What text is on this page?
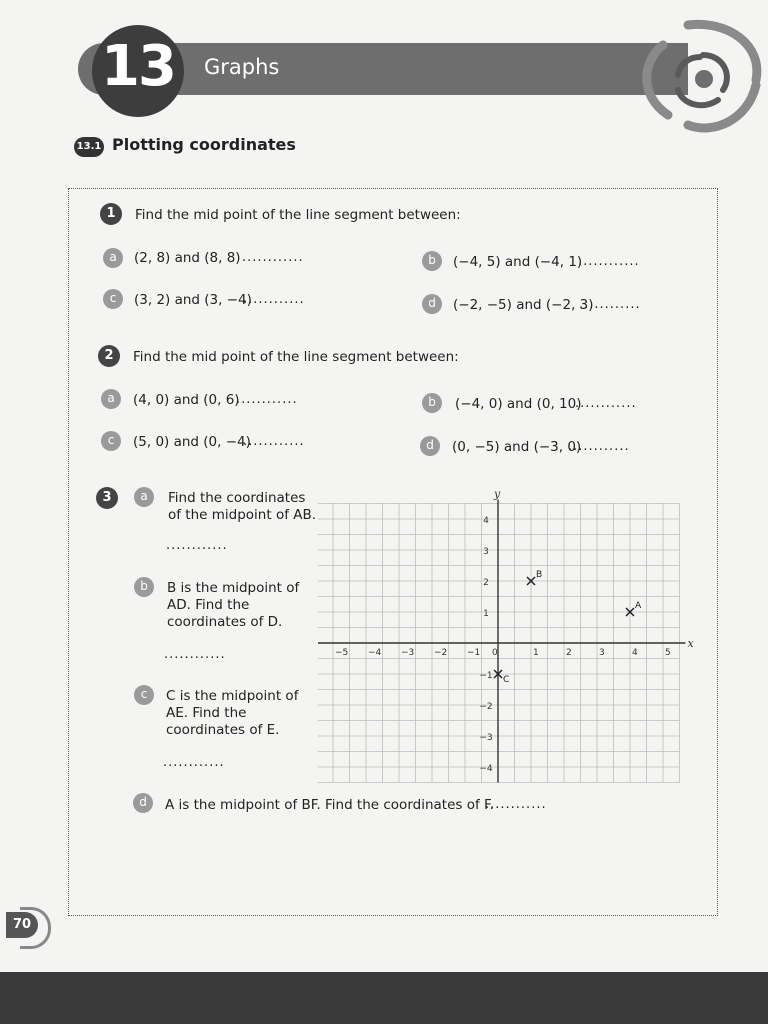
13	Graphs
13.1 Plotting coordinates
1	Find the mid point of the line segment between:
a	(2, 8) and (8, 8) ............	b	(−4, 5) and (−4, 1)
............
c	(3, 2) and (3, −4)
............	d	(−2, −5) and (−2, 3)
............
2	Find the mid point of the line segment between:
a	(4, 0) and (0, 6)
............	b	(−4, 0) and (0, 10)
............
c	(5, 0) and (0, −4)
............	d	(0, −5) and (−3, 0)
............
3	a	Find the coordinates of the midpoint of AB.
............
b	B is the midpoint of AD. Find the coordinates of D.
............
c	C is the midpoint of AE. Find the coordinates of E.
............
d	A is the midpoint of BF. Find the coordinates of F.
............
x
y
−5 −4 −3 −2 −1 0	1	2	3	4	5
4
3
2
1
−1
−2
−3
−4
A
B
C
70
